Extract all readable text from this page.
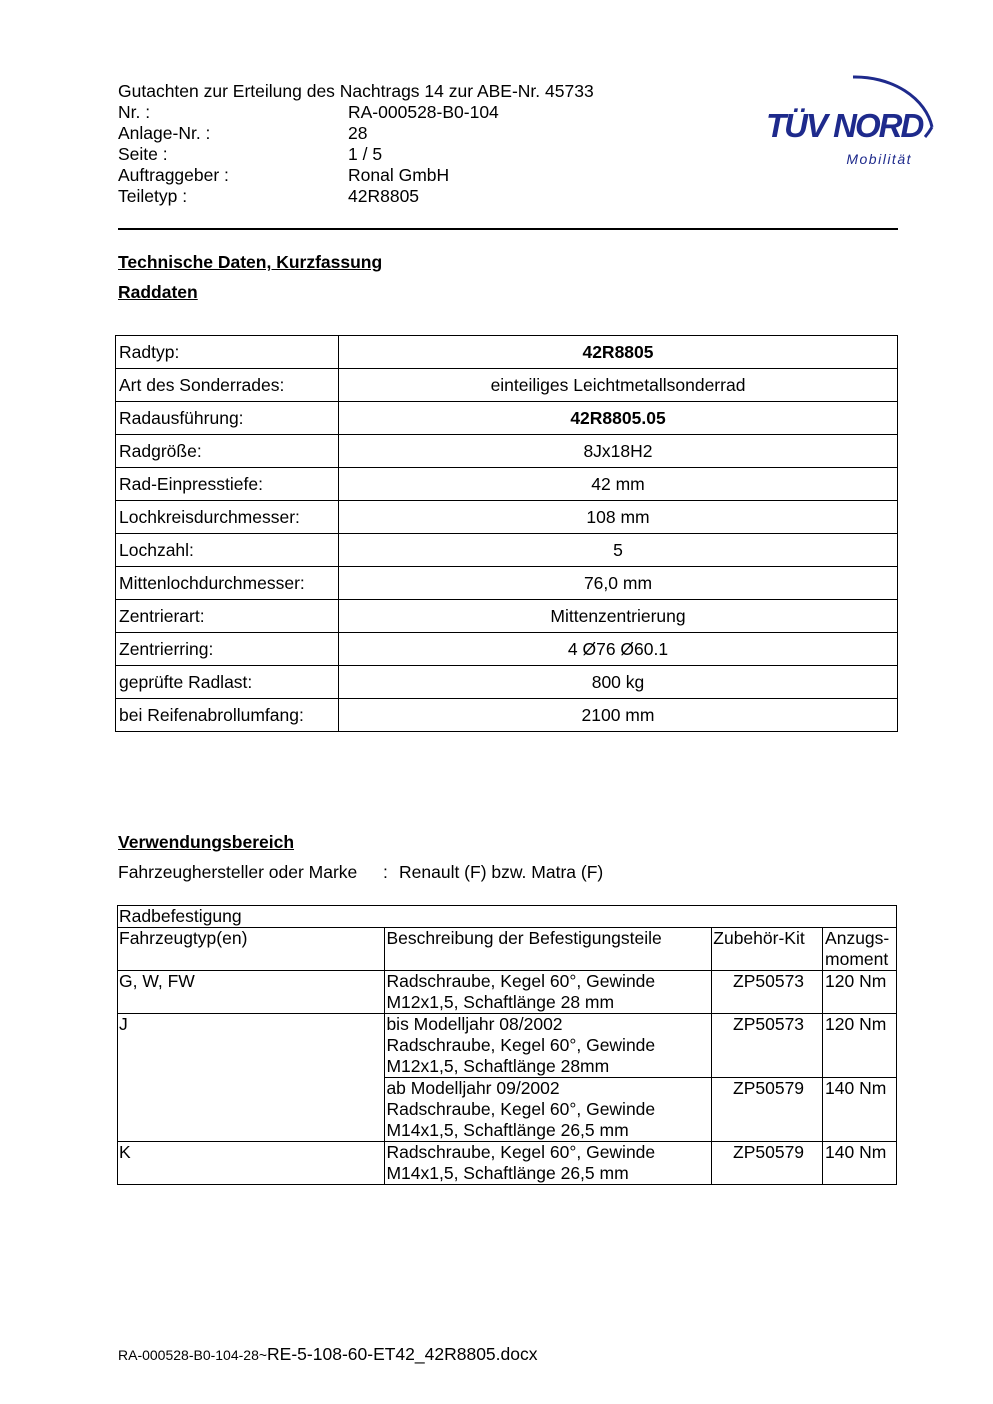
Gutachten zur Erteilung des Nachtrags 14 zur ABE-Nr. 45733
Nr. :	RA-000528-B0-104
Anlage-Nr. :	28
Seite :	1 / 5
Auftraggeber :	Ronal GmbH
Teiletyp :	42R8805
TÜV NORD
Mobilität
Technische Daten, Kurzfassung
Raddaten
Radtyp:	42R8805
Art des Sonderrades:	einteiliges Leichtmetallsonderrad
Radausführung:	42R8805.05
Radgröße:	8Jx18H2
Rad-Einpresstiefe:	42 mm
Lochkreisdurchmesser:	108 mm
Lochzahl:	5
Mittenlochdurchmesser:	76,0 mm
Zentrierart:	Mittenzentrierung
Zentrierring:	4 Ø76 Ø60.1
geprüfte Radlast:	800 kg
bei Reifenabrollumfang:	2100 mm
Verwendungsbereich
Fahrzeughersteller oder Marke : Renault (F) bzw. Matra (F)
Radbefestigung			
Fahrzeugtyp(en)	Beschreibung der Befestigungsteile	Zubehör-Kit	Anzugs-
moment
G, W, FW	Radschraube, Kegel 60°, Gewinde
M12x1,5, Schaftlänge 28 mm	ZP50573	120 Nm
J	bis Modelljahr 08/2002
Radschraube, Kegel 60°, Gewinde
M12x1,5, Schaftlänge 28mm	ZP50573	120 Nm
	ab Modelljahr 09/2002
Radschraube, Kegel 60°, Gewinde
M14x1,5, Schaftlänge 26,5 mm	ZP50579	140 Nm
K	Radschraube, Kegel 60°, Gewinde
M14x1,5, Schaftlänge 26,5 mm	ZP50579	140 Nm
RA-000528-B0-104-28~RE-5-108-60-ET42_42R8805.docx
